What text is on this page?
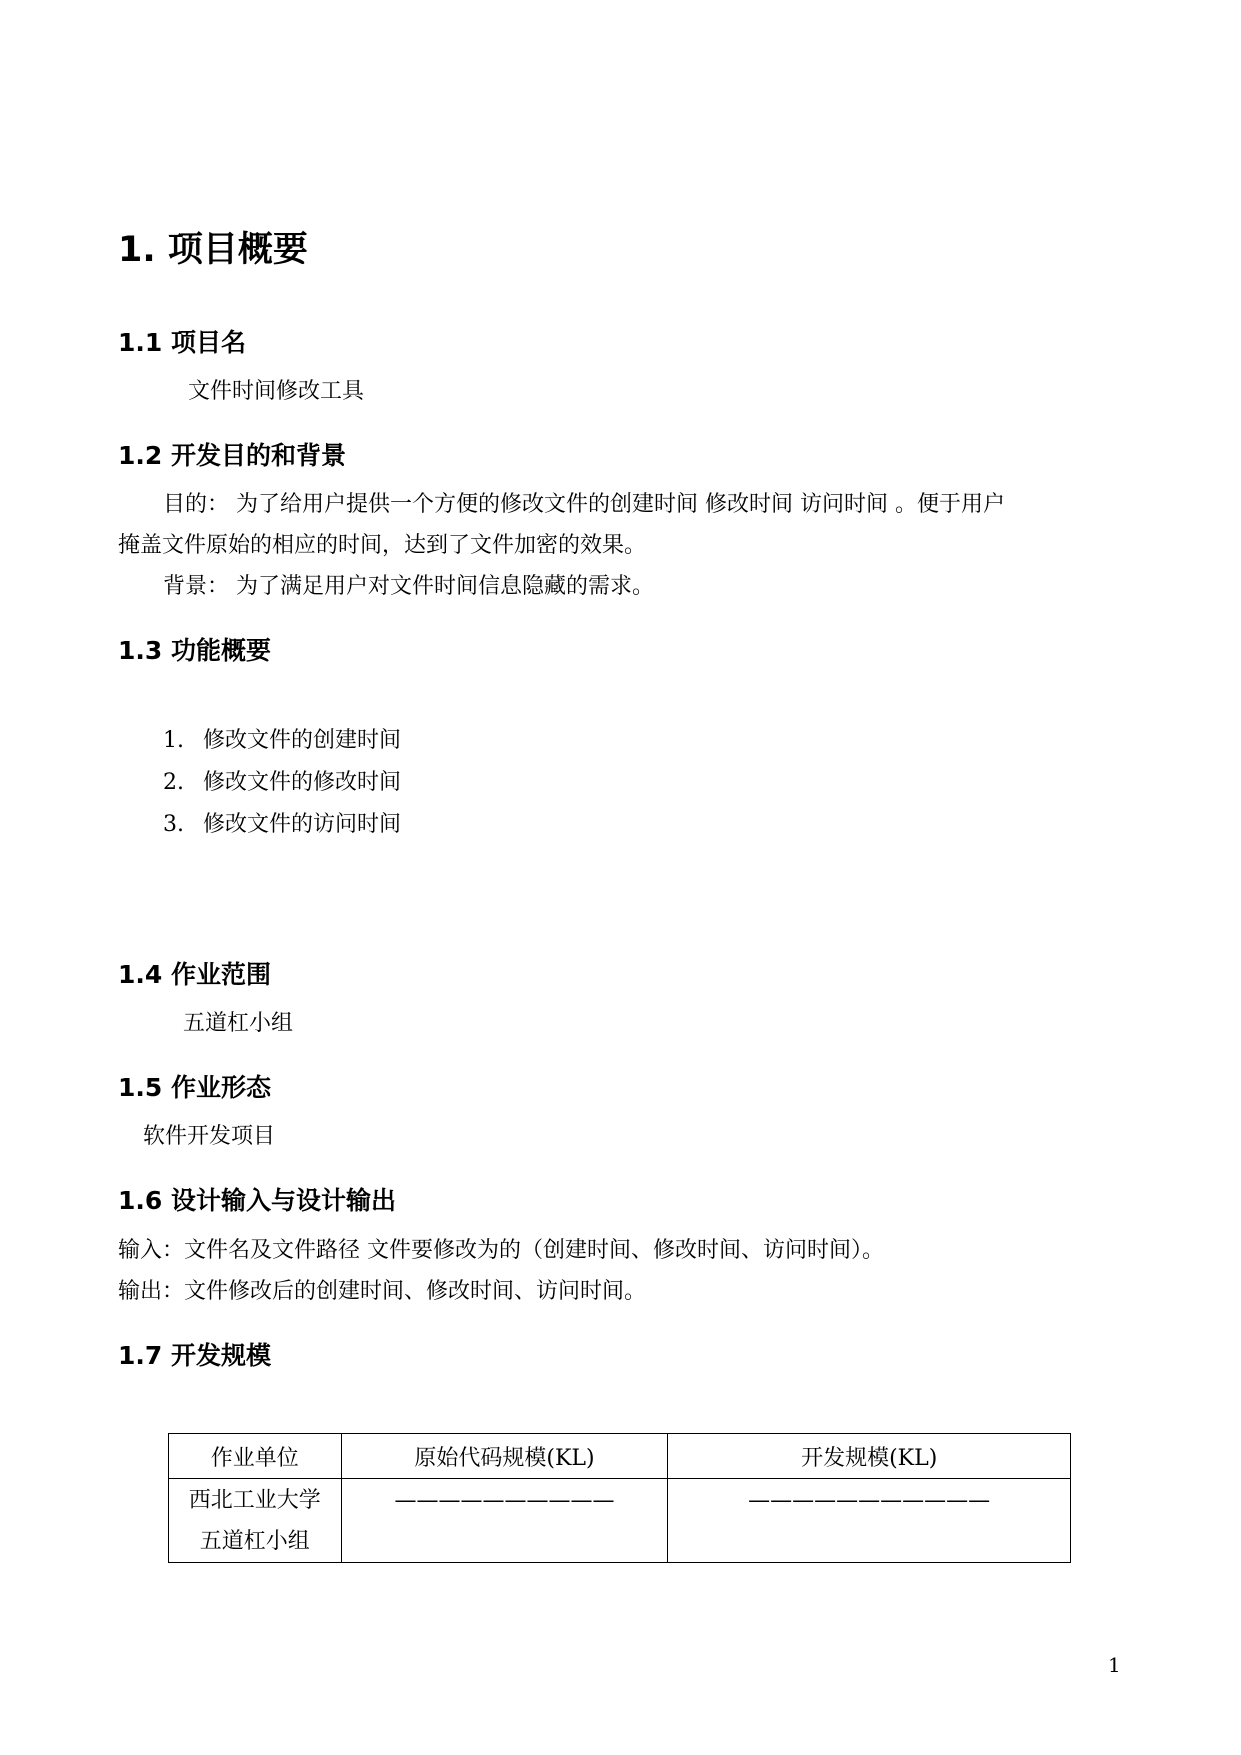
1. 项目概要
1.1 项目名
文件时间修改工具
1.2 开发目的和背景
目的： 为了给用户提供一个方便的修改文件的创建时间 修改时间 访问时间 。便于用户
掩盖文件原始的相应的时间，达到了文件加密的效果。
背景： 为了满足用户对文件时间信息隐藏的需求。
1.3 功能概要
1. 修改文件的创建时间
2. 修改文件的修改时间
3. 修改文件的访问时间
1.4 作业范围
五道杠小组
1.5 作业形态
软件开发项目
1.6 设计输入与设计输出
输入：文件名及文件路径 文件要修改为的（创建时间、修改时间、访问时间）。
输出：文件修改后的创建时间、修改时间、访问时间。
1.7 开发规模
作业单位	原始代码规模(KL)	开发规模(KL)

西北工业大学
五道杠小组	——————————	———————————
1
